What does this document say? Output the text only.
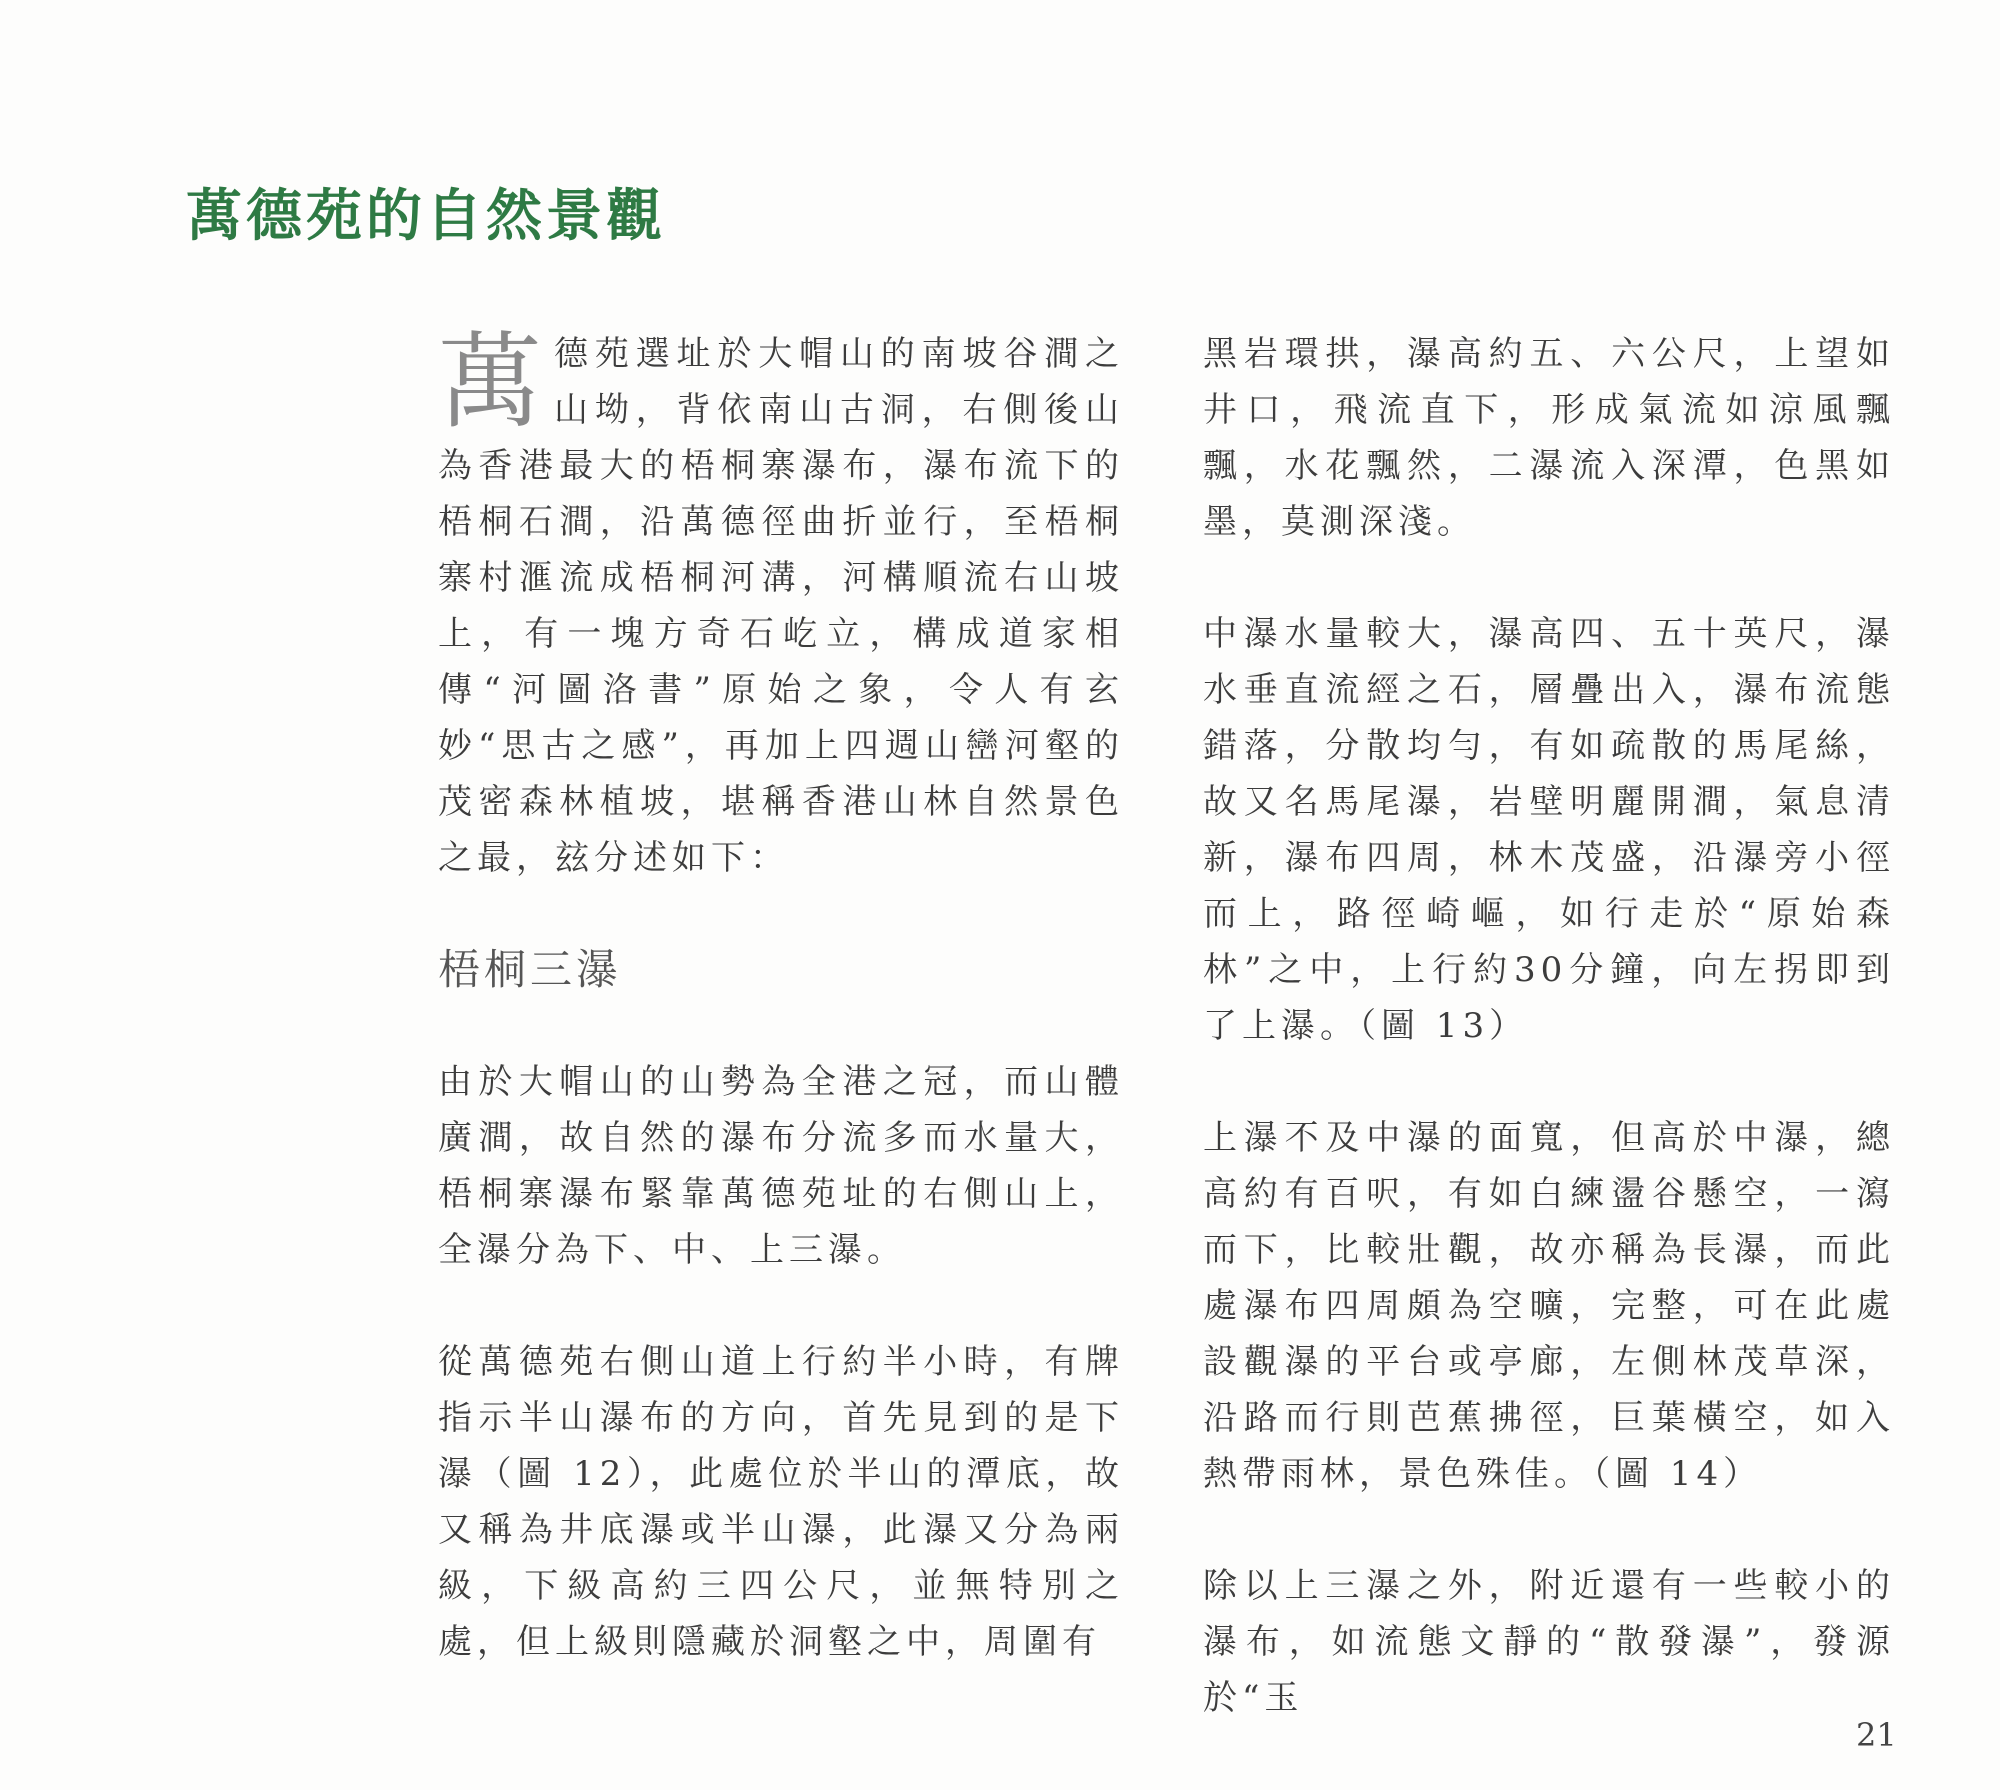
萬德苑的自然景觀

萬德苑選址於大帽山的南坡谷澗之山坳，背依南山古洞，右側後山為香港最大的梧桐寨瀑布，瀑布流下的梧桐石澗，沿萬德徑曲折並行，至梧桐寨村滙流成梧桐河溝，河構順流右山坡上，有一塊方奇石屹立，構成道家相傳“河圖洛書”原始之象，令人有玄妙“思古之感”，再加上四週山巒河壑的茂密森林植坡，堪稱香港山林自然景色之最，玆分述如下：

梧桐三瀑

由於大帽山的山勢為全港之冠，而山體廣澗，故自然的瀑布分流多而水量大，梧桐寨瀑布緊靠萬德苑址的右側山上，全瀑分為下、中、上三瀑。

從萬德苑右側山道上行約半小時，有牌指示半山瀑布的方向，首先見到的是下瀑（圖 12），此處位於半山的潭底，故又稱為井底瀑或半山瀑，此瀑又分為兩級，下級高約三四公尺，並無特別之處，但上級則隱藏於洞壑之中，周圍有

黑岩環拱，瀑高約五、六公尺，上望如井口，飛流直下，形成氣流如涼風飄飄，水花飄然，二瀑流入深潭，色黑如墨，莫測深淺。

中瀑水量較大，瀑高四、五十英尺，瀑水垂直流經之石，層疊出入，瀑布流態錯落，分散均勻，有如疏散的馬尾絲，故又名馬尾瀑，岩壁明麗開澗，氣息清新，瀑布四周，林木茂盛，沿瀑旁小徑而上，路徑崎嶇，如行走於“原始森林”之中，上行約30分鐘，向左拐即到了上瀑。（圖 13）

上瀑不及中瀑的面寬，但高於中瀑，總高約有百呎，有如白練盪谷懸空，一瀉而下，比較壯觀，故亦稱為長瀑，而此處瀑布四周頗為空曠，完整，可在此處設觀瀑的平台或亭廊，左側林茂草深，沿路而行則芭蕉拂徑，巨葉橫空，如入熱帶雨林，景色殊佳。（圖 14）

除以上三瀑之外，附近還有一些較小的瀑布，如流態文靜的“散發瀑”，發源於“玉

21
